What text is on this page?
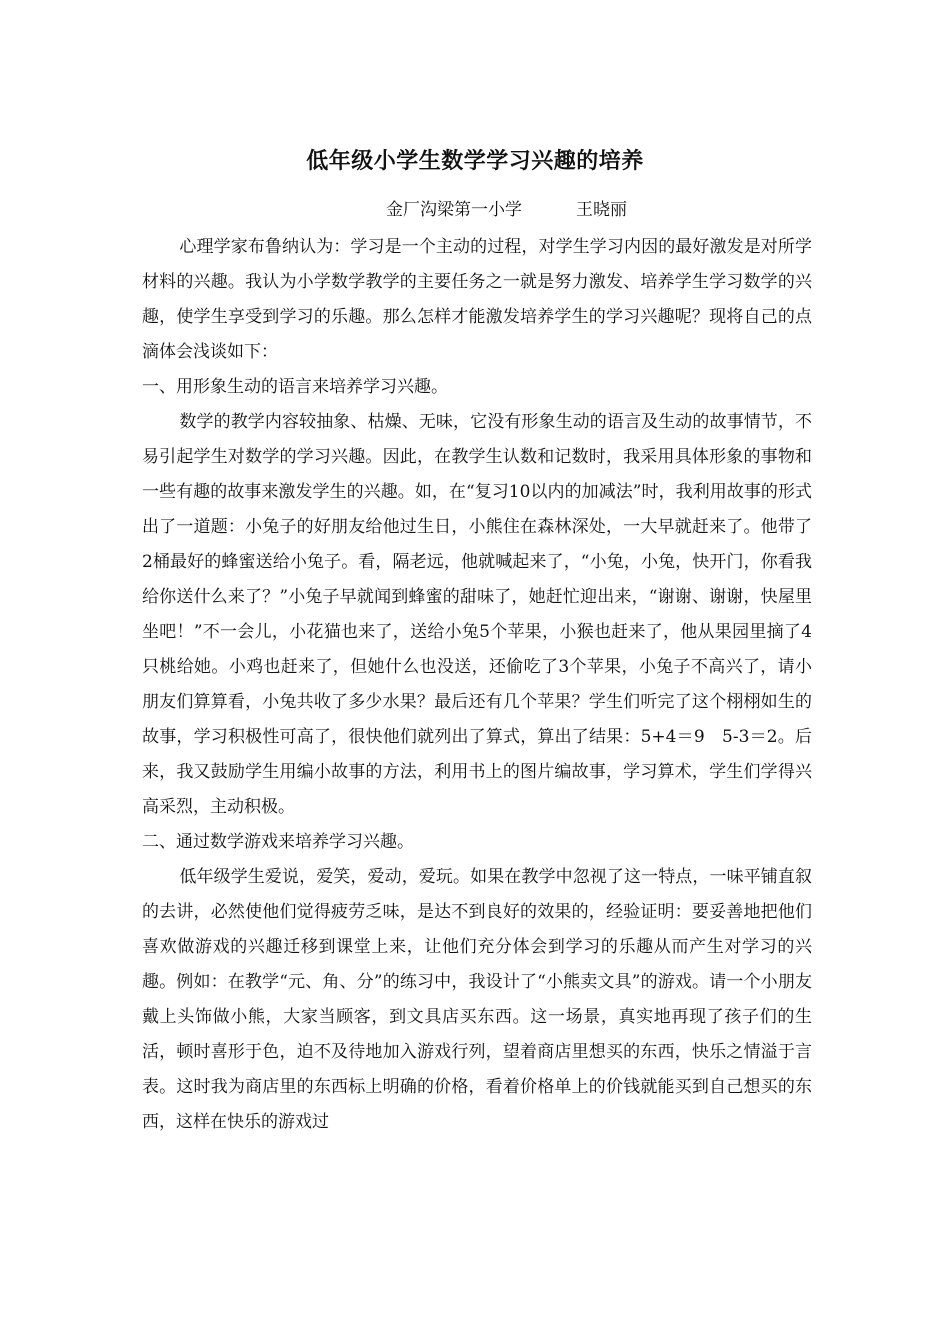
低年级小学生数学学习兴趣的培养
金厂沟梁第一小学	王晓丽

心理学家布鲁纳认为：学习是一个主动的过程，对学生学习内因的最好激发是对所学材料的兴趣。我认为小学数学教学的主要任务之一就是努力激发、培养学生学习数学的兴趣，使学生享受到学习的乐趣。那么怎样才能激发培养学生的学习兴趣呢？现将自己的点滴体会浅谈如下：

一、用形象生动的语言来培养学习兴趣。

数学的教学内容较抽象、枯燥、无味，它没有形象生动的语言及生动的故事情节，不易引起学生对数学的学习兴趣。因此，在教学生认数和记数时，我采用具体形象的事物和一些有趣的故事来激发学生的兴趣。如，在“复习10以内的加减法”时，我利用故事的形式出了一道题：小兔子的好朋友给他过生日，小熊住在森林深处，一大早就赶来了。他带了2桶最好的蜂蜜送给小兔子。看，隔老远，他就喊起来了，“小兔，小兔，快开门，你看我给你送什么来了？”小兔子早就闻到蜂蜜的甜味了，她赶忙迎出来，“谢谢、谢谢，快屋里坐吧！”不一会儿，小花猫也来了，送给小兔5个苹果，小猴也赶来了，他从果园里摘了4只桃给她。小鸡也赶来了，但她什么也没送，还偷吃了3个苹果，小兔子不高兴了，请小朋友们算算看，小兔共收了多少水果？最后还有几个苹果？学生们听完了这个栩栩如生的故事，学习积极性可高了，很快他们就列出了算式，算出了结果：5+4＝9　5-3＝2。后来，我又鼓励学生用编小故事的方法，利用书上的图片编故事，学习算术，学生们学得兴高采烈，主动积极。

二、通过数学游戏来培养学习兴趣。

低年级学生爱说，爱笑，爱动，爱玩。如果在教学中忽视了这一特点，一味平铺直叙的去讲，必然使他们觉得疲劳乏味，是达不到良好的效果的，经验证明：要妥善地把他们喜欢做游戏的兴趣迁移到课堂上来，让他们充分体会到学习的乐趣从而产生对学习的兴趣。例如：在教学“元、角、分”的练习中，我设计了“小熊卖文具”的游戏。请一个小朋友戴上头饰做小熊，大家当顾客，到文具店买东西。这一场景，真实地再现了孩子们的生活，顿时喜形于色，迫不及待地加入游戏行列，望着商店里想买的东西，快乐之情溢于言表。这时我为商店里的东西标上明确的价格，看着价格单上的价钱就能买到自己想买的东西，这样在快乐的游戏过
